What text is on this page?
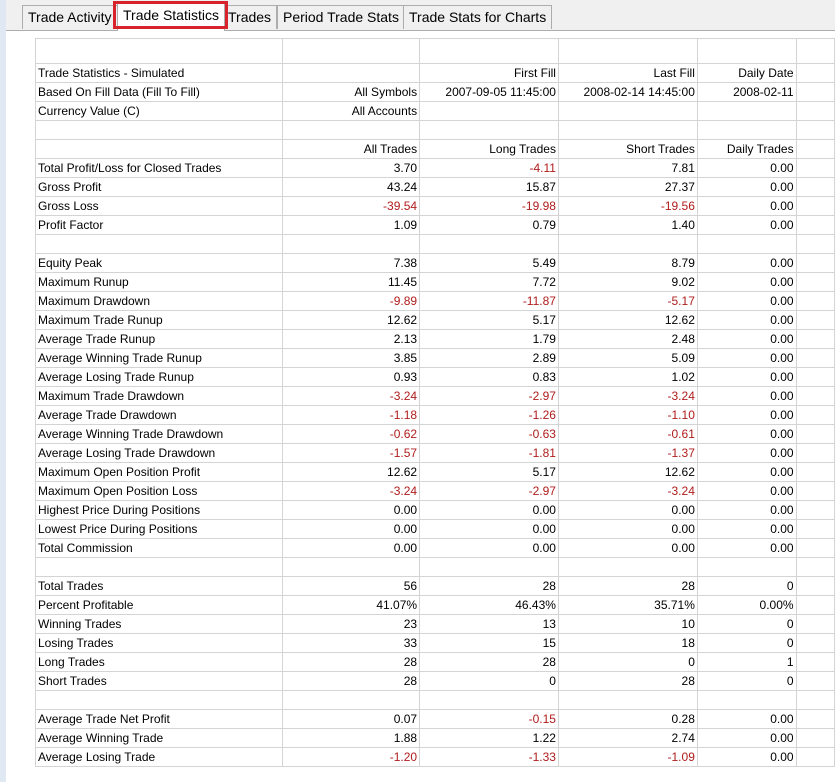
Trade Activity Trade Statistics Trades Period Trade Stats Trade Stats for Charts

Trade Statistics - Simulated		First Fill	Last Fill	Daily Date	
Based On Fill Data (Fill To Fill)	All Symbols	2007-09-05 11:45:00	2008-02-14 14:45:00	2008-02-11	
Currency Value (C)	All Accounts				

	All Trades	Long Trades	Short Trades	Daily Trades	
Total Profit/Loss for Closed Trades	3.70	-4.11	7.81	0.00	
Gross Profit	43.24	15.87	27.37	0.00	
Gross Loss	-39.54	-19.98	-19.56	0.00	
Profit Factor	1.09	0.79	1.40	0.00	

Equity Peak	7.38	5.49	8.79	0.00	
Maximum Runup	11.45	7.72	9.02	0.00	
Maximum Drawdown	-9.89	-11.87	-5.17	0.00	
Maximum Trade Runup	12.62	5.17	12.62	0.00	
Average Trade Runup	2.13	1.79	2.48	0.00	
Average Winning Trade Runup	3.85	2.89	5.09	0.00	
Average Losing Trade Runup	0.93	0.83	1.02	0.00	
Maximum Trade Drawdown	-3.24	-2.97	-3.24	0.00	
Average Trade Drawdown	-1.18	-1.26	-1.10	0.00	
Average Winning Trade Drawdown	-0.62	-0.63	-0.61	0.00	
Average Losing Trade Drawdown	-1.57	-1.81	-1.37	0.00	
Maximum Open Position Profit	12.62	5.17	12.62	0.00	
Maximum Open Position Loss	-3.24	-2.97	-3.24	0.00	
Highest Price During Positions	0.00	0.00	0.00	0.00	
Lowest Price During Positions	0.00	0.00	0.00	0.00	
Total Commission	0.00	0.00	0.00	0.00	

Total Trades	56	28	28	0	
Percent Profitable	41.07%	46.43%	35.71%	0.00%	
Winning Trades	23	13	10	0	
Losing Trades	33	15	18	0	
Long Trades	28	28	0	1	
Short Trades	28	0	28	0	

Average Trade Net Profit	0.07	-0.15	0.28	0.00	
Average Winning Trade	1.88	1.22	2.74	0.00	
Average Losing Trade	-1.20	-1.33	-1.09	0.00	
